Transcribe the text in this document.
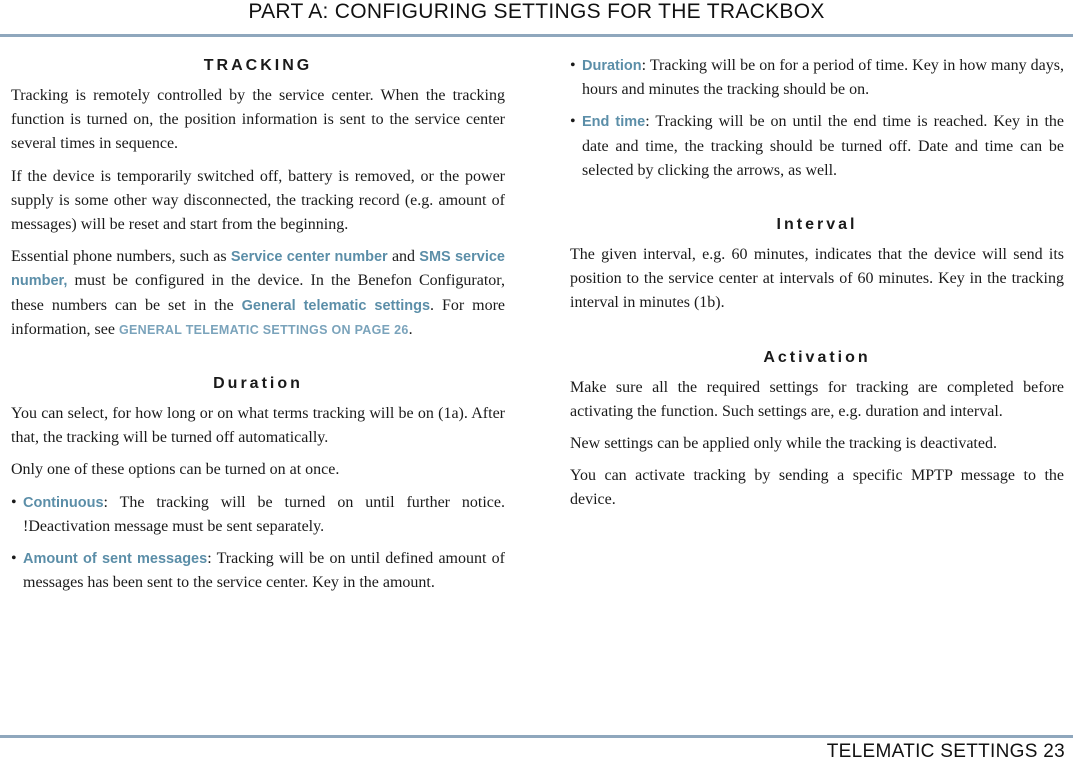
PART A: CONFIGURING SETTINGS FOR THE TRACKBOX
TRACKING

Tracking is remotely controlled by the service center. When the tracking function is turned on, the position information is sent to the service center several times in sequence.

If the device is temporarily switched off, battery is removed, or the power supply is some other way disconnected, the tracking record (e.g. amount of messages) will be reset and start from the beginning.

Essential phone numbers, such as Service center number and SMS service number, must be configured in the device. In the Benefon Configurator, these numbers can be set in the General telematic settings. For more information, see GENERAL TELEMATIC SETTINGS ON PAGE 26.

Duration

You can select, for how long or on what terms tracking will be on (1a). After that, the tracking will be turned off automatically.

Only one of these options can be turned on at once.

• Continuous: The tracking will be turned on until further notice. !Deactivation message must be sent separately.
• Amount of sent messages: Tracking will be on until defined amount of messages has been sent to the service center. Key in the amount.
• Duration: Tracking will be on for a period of time. Key in how many days, hours and minutes the tracking should be on.
• End time: Tracking will be on until the end time is reached. Key in the date and time, the tracking should be turned off. Date and time can be selected by clicking the arrows, as well.
Interval

The given interval, e.g. 60 minutes, indicates that the device will send its position to the service center at intervals of 60 minutes. Key in the tracking interval in minutes (1b).

Activation

Make sure all the required settings for tracking are completed before activating the function. Such settings are, e.g. duration and interval.

New settings can be applied only while the tracking is deactivated.

You can activate tracking by sending a specific MPTP message to the device.

TELEMATIC SETTINGS 23
